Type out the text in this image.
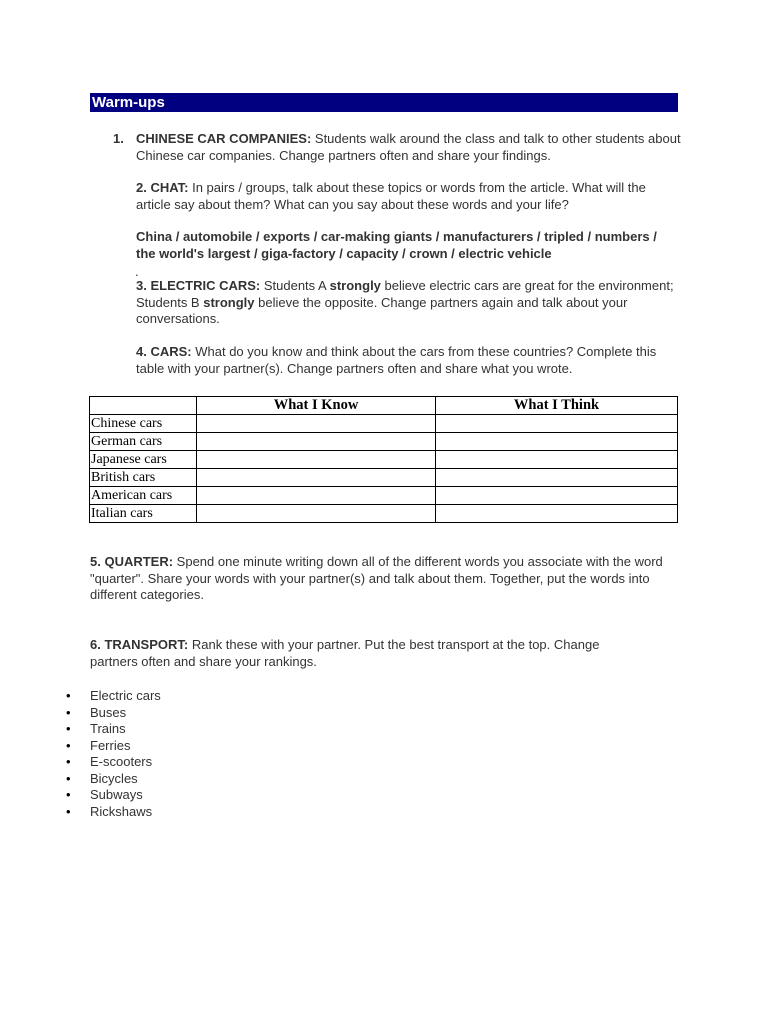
Warm-ups
1. CHINESE CAR COMPANIES: Students walk around the class and talk to other students about Chinese car companies. Change partners often and share your findings.
2. CHAT: In pairs / groups, talk about these topics or words from the article. What will the article say about them? What can you say about these words and your life?
China / automobile / exports / car-making giants / manufacturers / tripled / numbers / the world's largest / giga-factory / capacity / crown / electric vehicle
.
3. ELECTRIC CARS: Students A strongly believe electric cars are great for the environment; Students B strongly believe the opposite. Change partners again and talk about your conversations.
4. CARS: What do you know and think about the cars from these countries? Complete this table with your partner(s). Change partners often and share what you wrote.
	What I Know	What I Think
Chinese cars		
German cars		
Japanese cars		
British cars		
American cars		
Italian cars		
5. QUARTER: Spend one minute writing down all of the different words you associate with the word "quarter". Share your words with your partner(s) and talk about them. Together, put the words into different categories.
6. TRANSPORT: Rank these with your partner. Put the best transport at the top. Change partners often and share your rankings.
• Electric cars
• Buses
• Trains
• Ferries
• E-scooters
• Bicycles
• Subways
• Rickshaws
